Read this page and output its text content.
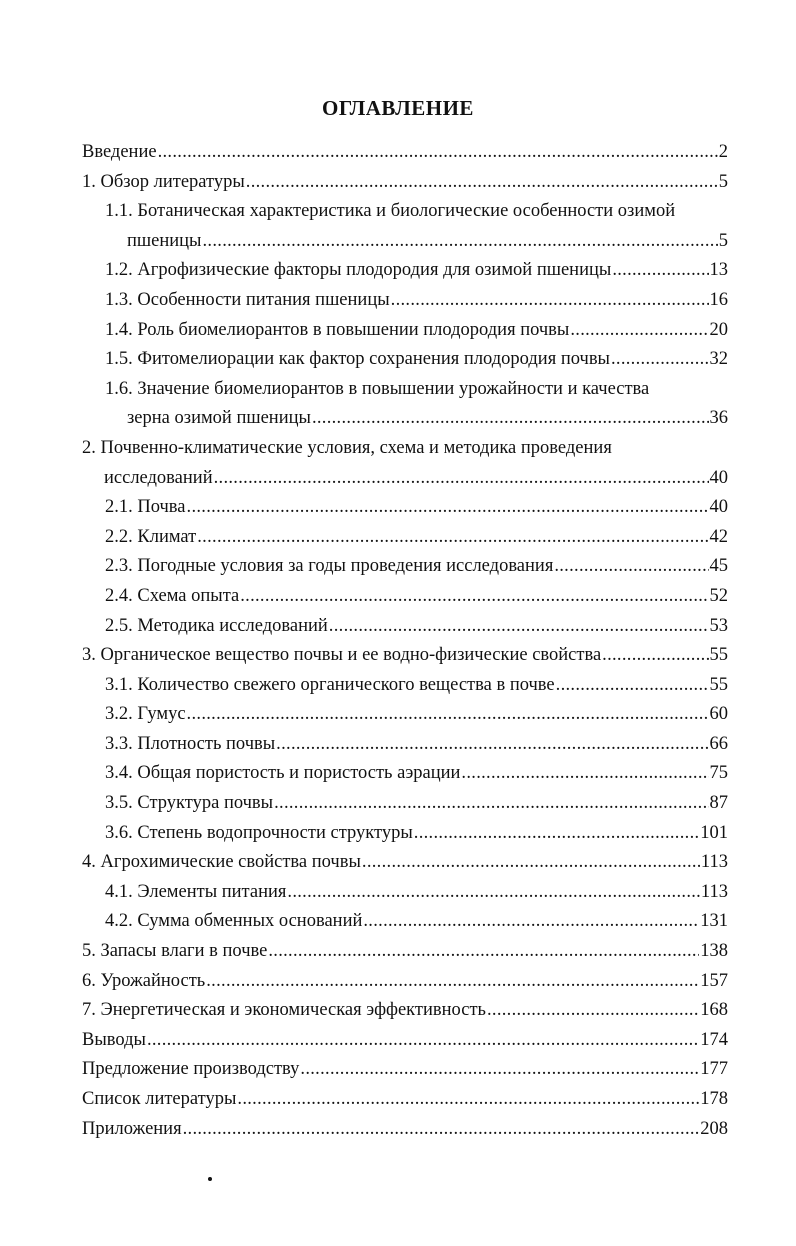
ОГЛАВЛЕНИЕ
Введение .....	2
1. Обзор литературы .....	5
1.1. Ботаническая характеристика и биологические особенности озимой
пшеницы .....	5
1.2. Агрофизические факторы плодородия для озимой пшеницы .....	13
1.3. Особенности питания пшеницы .....	16
1.4. Роль биомелиорантов в повышении плодородия почвы .....	20
1.5. Фитомелиорации как фактор сохранения плодородия почвы .....	32
1.6. Значение биомелиорантов в повышении урожайности и качества
зерна озимой пшеницы .....	36
2. Почвенно-климатические условия, схема и методика проведения
исследований .....	40
2.1. Почва .....	40
2.2. Климат .....	42
2.3. Погодные условия за годы проведения исследования .....	45
2.4. Схема опыта .....	52
2.5. Методика исследований .....	53
3. Органическое вещество почвы и ее водно-физические свойства .....	55
3.1. Количество свежего органического вещества в почве .....	55
3.2. Гумус .....	60
3.3. Плотность почвы .....	66
3.4. Общая пористость и пористость аэрации .....	75
3.5. Структура почвы .....	87
3.6. Степень водопрочности структуры .....	101
4. Агрохимические свойства почвы .....	113
4.1. Элементы питания .....	113
4.2. Сумма обменных оснований .....	131
5. Запасы влаги в почве .....	138
6. Урожайность .....	157
7. Энергетическая и экономическая эффективность .....	168
Выводы .....	174
Предложение производству .....	177
Список литературы .....	178
Приложения .....	208
